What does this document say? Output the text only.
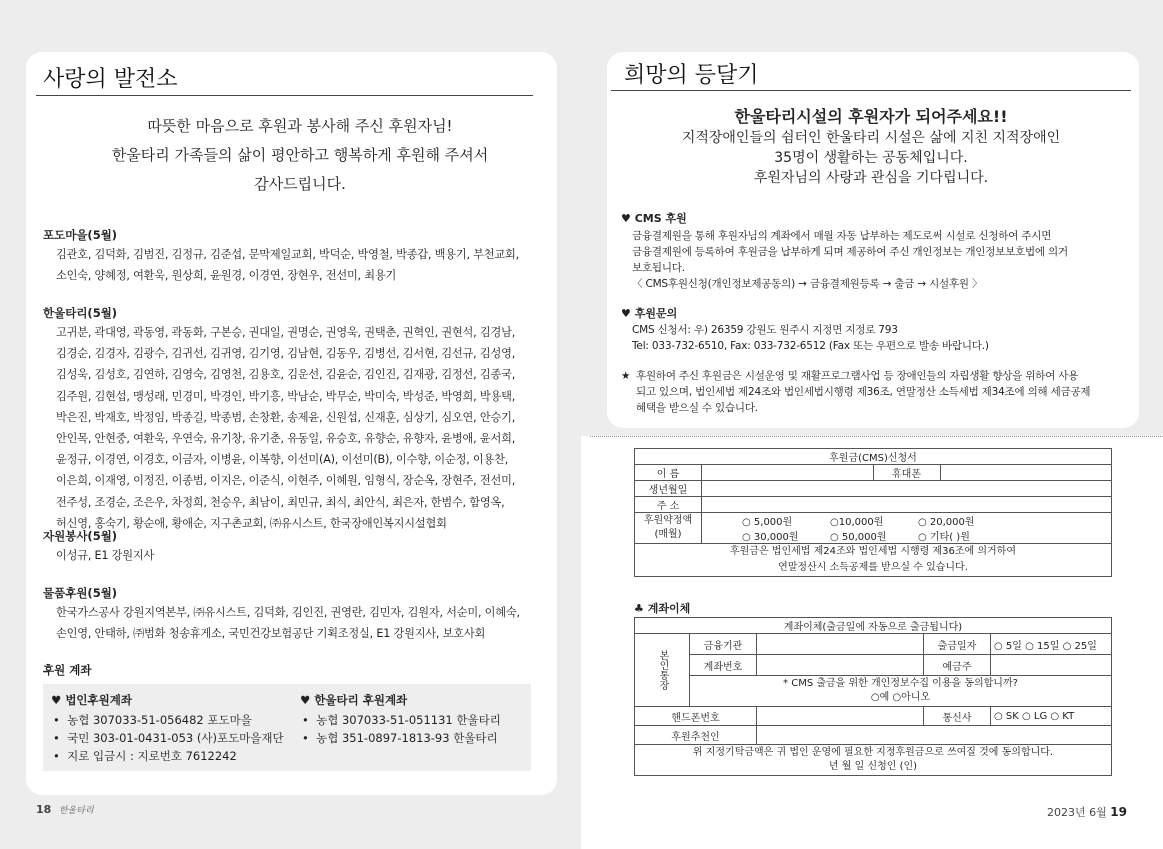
사랑의 발전소
따뜻한 마음으로 후원과 봉사해 주신 후원자님!
한울타리 가족들의 삶이 평안하고 행복하게 후원해 주셔서
감사드립니다.
포도마을(5월)
김관호, 김덕화, 김범진, 김정규, 김준섭, 문막제일교회, 박덕순, 박영철, 박종갑, 백용기, 부천교회,
소인숙, 양혜정, 여환욱, 원상희, 윤원경, 이경연, 장현우, 전선미, 최용기
한울타리(5월)
고귀분, 곽대영, 곽동영, 곽동화, 구본승, 권대일, 권명순, 권영욱, 권택춘, 권혁인, 권현석, 김경남,
김경순, 김경자, 김광수, 김귀선, 김귀영, 김기영, 김남현, 김동우, 김병선, 김서현, 김선규, 김성영,
김성욱, 김성호, 김연하, 김영숙, 김영천, 김용호, 김운선, 김윤순, 김인진, 김재광, 김정선, 김종국,
김주원, 김현섭, 맹성래, 민경미, 박경인, 박기흥, 박남순, 박무순, 박미숙, 박성준, 박영희, 박용택,
박은진, 박재호, 박정임, 박종길, 박종범, 손창환, 송제윤, 신원섭, 신재훈, 심상기, 심오연, 안승기,
안인목, 안현중, 여환욱, 우연숙, 유기창, 유기춘, 유동일, 유승호, 유향순, 유향자, 윤병애, 윤서희,
윤정규, 이경연, 이경호, 이금자, 이병윤, 이복향, 이선미(A), 이선미(B), 이수향, 이순정, 이용찬,
이은희, 이재영, 이정진, 이종범, 이지은, 이준식, 이현주, 이혜원, 임형식, 장순옥, 장현주, 전선미,
전주성, 조경순, 조은우, 차정희, 천승우, 최남이, 최민규, 최식, 최안식, 최은자, 한범수, 함영옥,
허신영, 홍숙기, 황순애, 황애순, 지구촌교회, ㈜유시스트, 한국장애인복지시설협회
자원봉사(5월)
이성규, E1 강원지사
물품후원(5월)
한국가스공사 강원지역본부, ㈜유시스트, 김덕화, 김인진, 권영란, 김민자, 김원자, 서순미, 이혜숙,
손인영, 안태하, ㈜범화 청송휴게소, 국민건강보험공단 기획조정실, E1 강원지사, 보호사회
후원 계좌
♥ 법인후원계좌
•  농협 307033-51-056482 포도마을
•  국민 303-01-0431-053 (사)포도마을재단
•  지로 입금시 : 지로번호 7612242
♥ 한울타리 후원계좌
•  농협 307033-51-051131 한울타리
•  농협 351-0897-1813-93 한울타리
18 한울타리
희망의 등달기
한울타리시설의 후원자가 되어주세요!!
지적장애인들의 쉼터인 한울타리 시설은 삶에 지친 지적장애인
35명이 생활하는 공동체입니다.
후원자님의 사랑과 관심을 기다립니다.
♥ CMS 후원
금융결제원을 통해 후원자님의 계좌에서 매월 자동 납부하는 제도로써 시설로 신청하여 주시면
금융결제원에 등록하여 후원금을 납부하게 되며 제공하여 주신 개인정보는 개인정보보호법에 의거
보호됩니다.
〈 CMS후원신청(개인정보제공동의) → 금융결제원등록 → 출금 → 시설후원 〉
♥ 후원문의
CMS 신청서: 우) 26359 강원도 원주시 지정면 지정로 793
Tel: 033-732-6510, Fax: 033-732-6512 (Fax 또는 우편으로 발송 바랍니다.)
★ 후원하여 주신 후원금은 시설운영 및 재활프로그램사업 등 장애인들의 자립생활 향상을 위하여 사용
되고 있으며, 법인세법 제24조와 법인세법시행령 제36조, 연말정산 소득세법 제34조에 의해 세금공제
혜택을 받으실 수 있습니다.
후원금(CMS)신청서			
이 름		휴대폰	
생년월일			
주 소			
후원약정액
(매월)	○ 5,000원 ○10,000원 ○ 20,000원		
	○ 30,000원 ○ 50,000원 ○ 기타( )원		

후원금은 법인세법 제24조와 법인세법 시행령 제36조에 의거하여
연말정산시 소득공제를 받으실 수 있습니다.			
♣ 계좌이체
계좌이체(출금일에 자동으로 출금됩니다)				
본인통장	금융기관		출금일자	○ 5일 ○ 15일 ○ 25일
	계좌번호		예금주	

	* CMS 출금을 위한 개인정보수집 이용을 동의합니까?
○예 ○아니오			

핸드폰번호			통신사	○ SK ○ LG ○ KT
후원추천인				

위 지정기탁금액은 귀 법인 운영에 필요한 지정후원금으로 쓰여질 것에 동의합니다.
년 월 일 신청인 (인)				
2023년 6월 19
